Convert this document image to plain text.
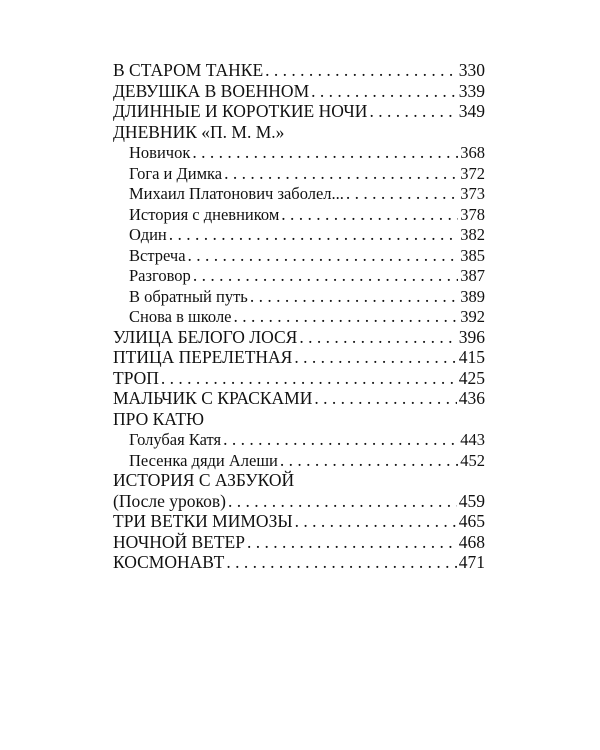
В СТАРОМ ТАНКЕ . . .	330
ДЕВУШКА В ВОЕННОМ . . .	339
ДЛИННЫЕ И КОРОТКИЕ НОЧИ . . .	349
ДНЕВНИК «П. М. М.»
Новичок . . .	368
Гога и Димка . . .	372
Михаил Платонович заболел... . . .	373
История с дневником . . .	378
Один . . .	382
Встреча . . .	385
Разговор . . .	387
В обратный путь . . .	389
Снова в школе . . .	392
УЛИЦА БЕЛОГО ЛОСЯ . . .	396
ПТИЦА ПЕРЕЛЕТНАЯ . . .	415
ТРОП . . .	425
МАЛЬЧИК С КРАСКАМИ . . .	436
ПРО КАТЮ
Голубая Катя . . .	443
Песенка дяди Алеши . . .	452
ИСТОРИЯ С АЗБУКОЙ
(После уроков) . . .	459
ТРИ ВЕТКИ МИМОЗЫ . . .	465
НОЧНОЙ ВЕТЕР . . .	468
КОСМОНАВТ . . .	471
